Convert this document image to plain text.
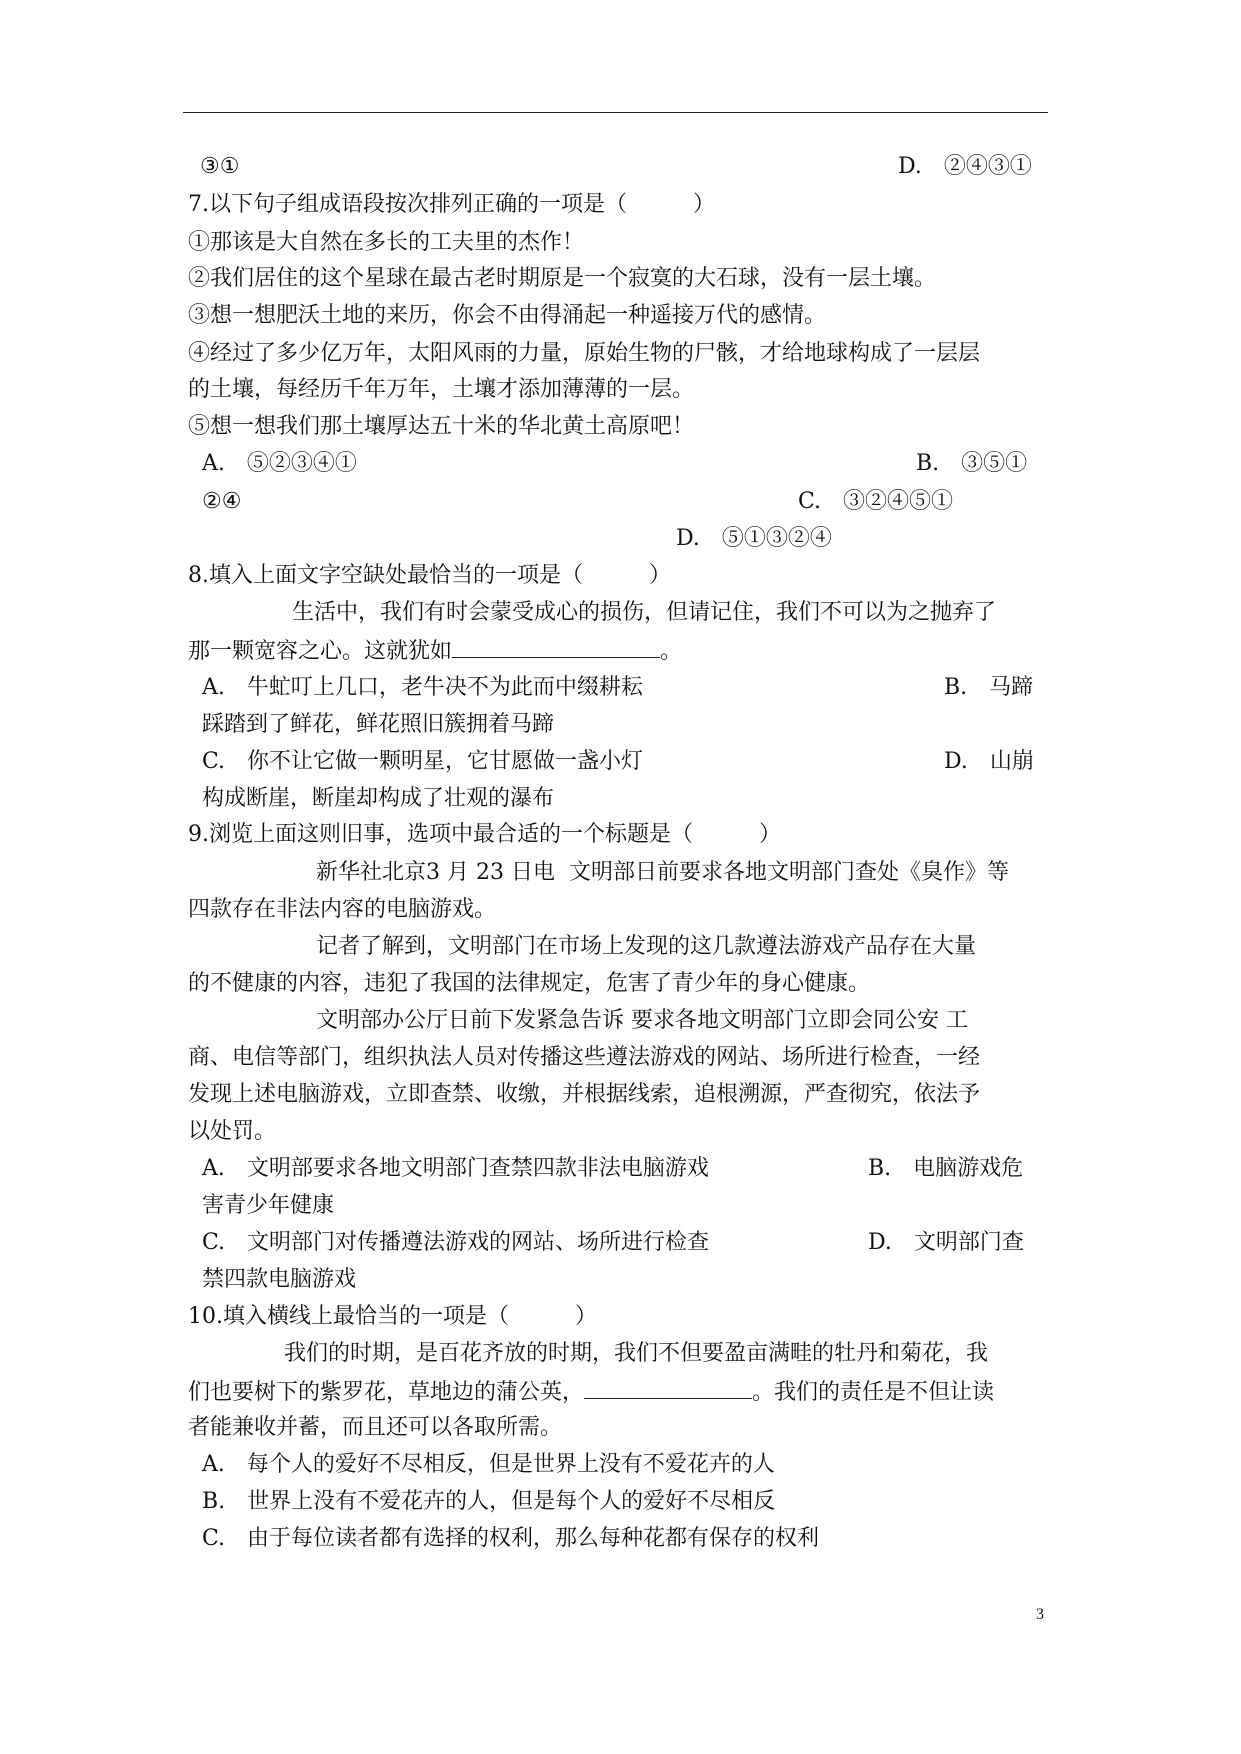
③①	D.　②④③①
7.以下句子组成语段按次排列正确的一项是（　　　）
①那该是大自然在多长的工夫里的杰作！
②我们居住的这个星球在最古老时期原是一个寂寞的大石球，没有一层土壤。
③想一想肥沃土地的来历，你会不由得涌起一种遥接万代的感情。
④经过了多少亿万年，太阳风雨的力量，原始生物的尸骸，才给地球构成了一层层
的土壤，每经历千年万年，土壤才添加薄薄的一层。
⑤想一想我们那土壤厚达五十米的华北黄土高原吧！
A.　⑤②③④①	B.　③⑤①
②④	C.　③②④⑤①
D.　⑤①③②④
8.填入上面文字空缺处最恰当的一项是（　　　）
生活中，我们有时会蒙受成心的损伤，但请记住，我们不可以为之抛弃了
那一颗宽容之心。这就犹如	。
A.　牛虻叮上几口，老牛决不为此而中缀耕耘	B.　马蹄
踩踏到了鲜花，鲜花照旧簇拥着马蹄
C.　你不让它做一颗明星，它甘愿做一盏小灯	D.　山崩
构成断崖，断崖却构成了壮观的瀑布
9.浏览上面这则旧事，选项中最合适的一个标题是（　　　）
新华社北京3 月 23 日电  文明部日前要求各地文明部门查处《臭作》等
四款存在非法内容的电脑游戏。
记者了解到，文明部门在市场上发现的这几款遵法游戏产品存在大量
的不健康的内容，违犯了我国的法律规定，危害了青少年的身心健康。
文明部办公厅日前下发紧急告诉 要求各地文明部门立即会同公安 工
商、电信等部门，组织执法人员对传播这些遵法游戏的网站、场所进行检查，一经
发现上述电脑游戏，立即查禁、收缴，并根据线索，追根溯源，严查彻究，依法予
以处罚。
A.　文明部要求各地文明部门查禁四款非法电脑游戏	B.　电脑游戏危
害青少年健康
C.　文明部门对传播遵法游戏的网站、场所进行检查	D.　文明部门查
禁四款电脑游戏
10.填入横线上最恰当的一项是（　　　）
我们的时期，是百花齐放的时期，我们不但要盈亩满畦的牡丹和菊花，我
们也要树下的紫罗花，草地边的蒲公英，	。我们的责任是不但让读
者能兼收并蓄，而且还可以各取所需。
A.　每个人的爱好不尽相反，但是世界上没有不爱花卉的人
B.　世界上没有不爱花卉的人，但是每个人的爱好不尽相反
C.　由于每位读者都有选择的权利，那么每种花都有保存的权利
3
